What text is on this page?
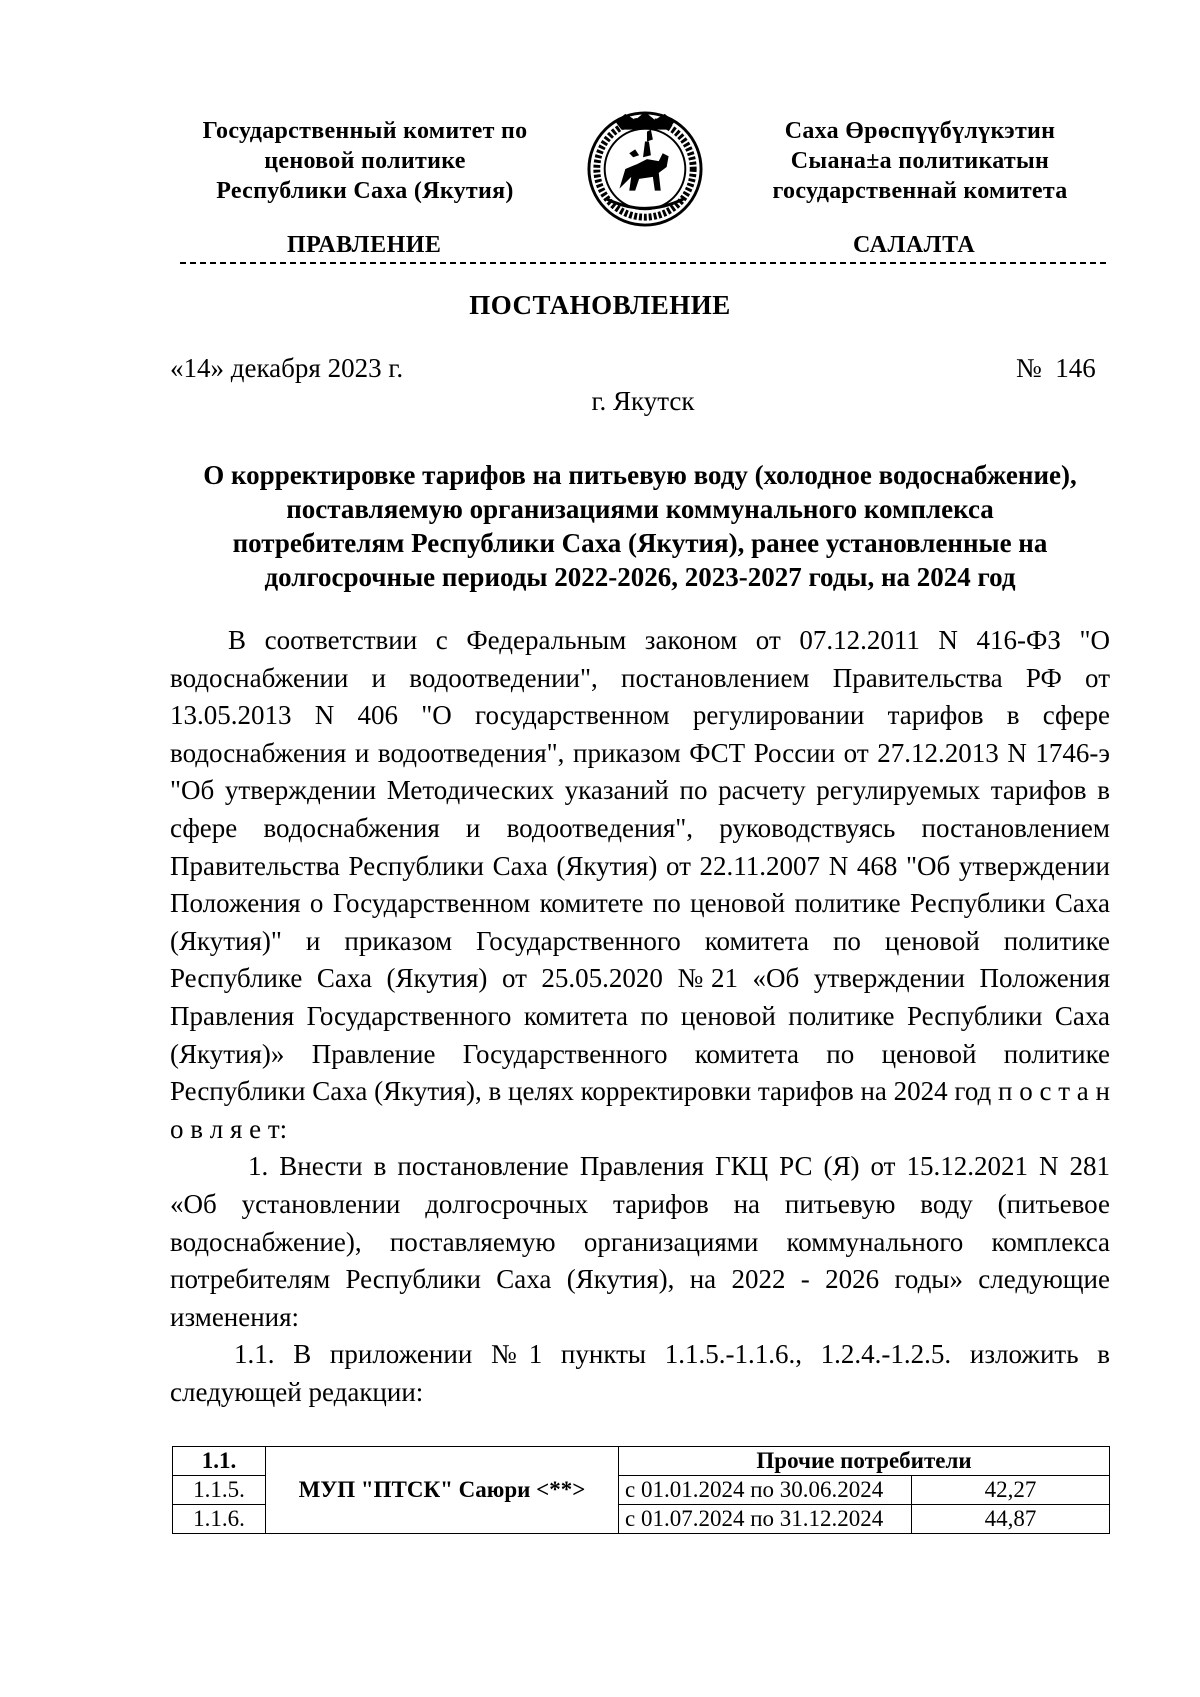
Государственный комитет по
ценовой политике
Республики Саха (Якутия)
Саха Өрөспүүбүлүкэтин
Сыана±а политикатын
государственнай комитета
ПРАВЛЕНИЕ	САЛАЛТА
ПОСТАНОВЛЕНИЕ
«14» декабря 2023 г.	№  146
г. Якутск
О корректировке тарифов на питьевую воду (холодное водоснабжение),
поставляемую организациями коммунального комплекса
потребителям Республики Саха (Якутия), ранее установленные на
долгосрочные периоды 2022-2026, 2023-2027 годы, на 2024 год

В соответствии с Федеральным законом от 07.12.2011 N 416-ФЗ "О водоснабжении и водоотведении", постановлением Правительства РФ от 13.05.2013 N 406 "О государственном регулировании тарифов в сфере водоснабжения и водоотведения", приказом ФСТ России от 27.12.2013 N 1746-э "Об утверждении Методических указаний по расчету регулируемых тарифов в сфере водоснабжения и водоотведения", руководствуясь постановлением Правительства Республики Саха (Якутия) от 22.11.2007 N 468 "Об утверждении Положения о Государственном комитете по ценовой политике Республики Саха (Якутия)" и приказом Государственного комитета по ценовой политике Республике Саха (Якутия) от 25.05.2020 №21 «Об утверждении Положения Правления Государственного комитета по ценовой политике Республики Саха (Якутия)» Правление Государственного комитета по ценовой политике Республики Саха (Якутия), в целях корректировки тарифов на 2024 год п о с т а н о в л я е т:

1. Внести в постановление Правления ГКЦ РС (Я) от 15.12.2021 N 281 «Об установлении долгосрочных тарифов на питьевую воду (питьевое водоснабжение), поставляемую организациями коммунального комплекса потребителям Республики Саха (Якутия), на 2022 - 2026 годы» следующие изменения:

1.1. В приложении №1 пункты 1.1.5.-1.1.6., 1.2.4.-1.2.5. изложить в следующей редакции:

1.1.	МУП "ПТСК" Саюри <**>	Прочие потребители	
1.1.5.		с 01.01.2024 по 30.06.2024	42,27
1.1.6.		с 01.07.2024 по 31.12.2024	44,87
